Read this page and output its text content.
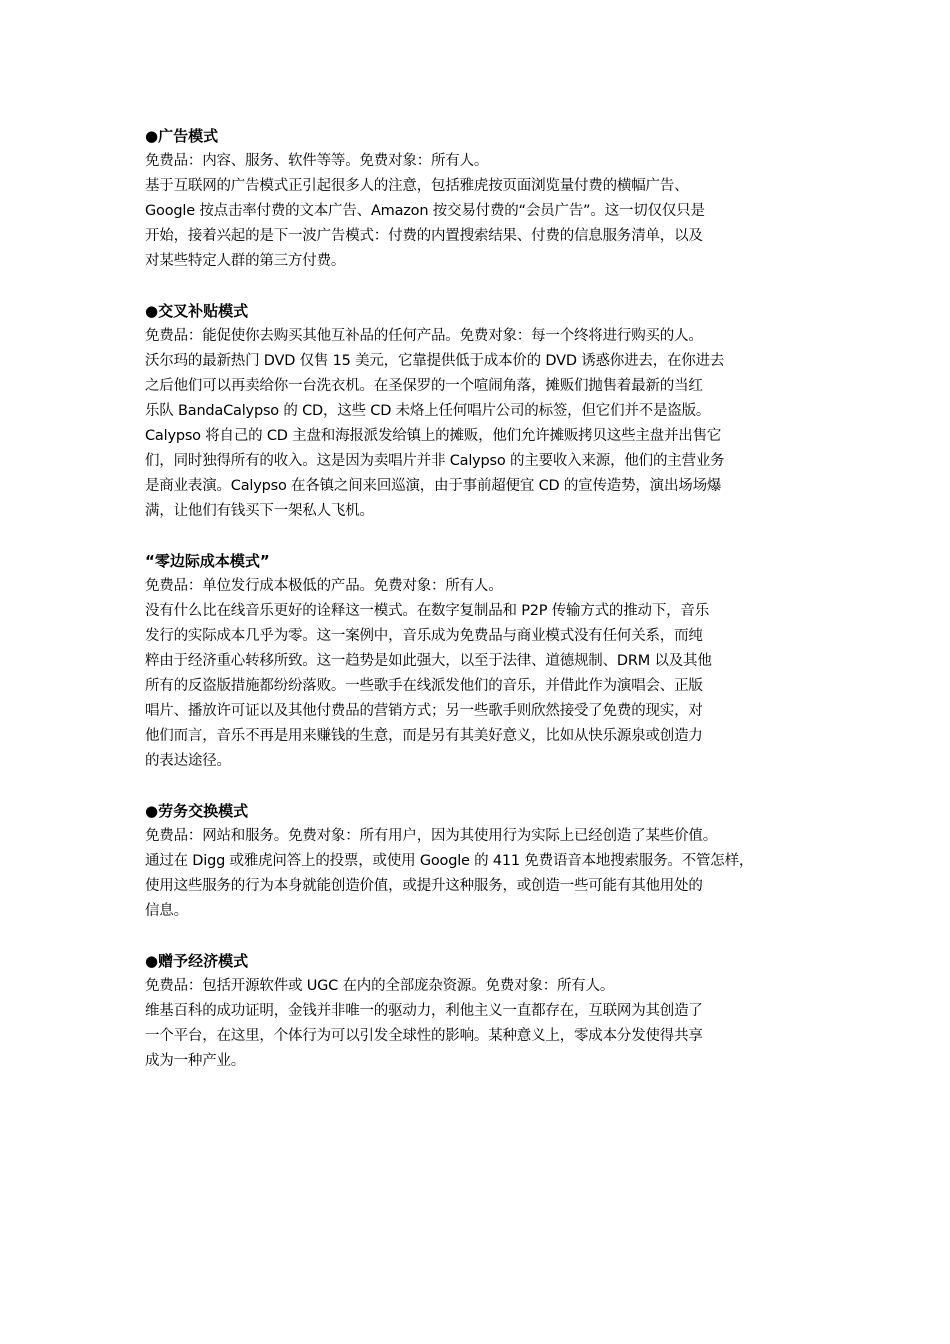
●广告模式
免费品：内容、服务、软件等等。免费对象：所有人。
基于互联网的广告模式正引起很多人的注意，包括雅虎按页面浏览量付费的横幅广告、
Google 按点击率付费的文本广告、Amazon 按交易付费的“会员广告”。这一切仅仅只是
开始，接着兴起的是下一波广告模式：付费的内置搜索结果、付费的信息服务清单，以及
对某些特定人群的第三方付费。
●交叉补贴模式
免费品：能促使你去购买其他互补品的任何产品。免费对象：每一个终将进行购买的人。
沃尔玛的最新热门 DVD 仅售 15 美元，它靠提供低于成本价的 DVD 诱惑你进去，在你进去
之后他们可以再卖给你一台洗衣机。在圣保罗的一个喧闹角落，摊贩们抛售着最新的当红
乐队 BandaCalypso 的 CD，这些 CD 未烙上任何唱片公司的标签，但它们并不是盗版。
Calypso 将自己的 CD 主盘和海报派发给镇上的摊贩，他们允许摊贩拷贝这些主盘并出售它
们，同时独得所有的收入。这是因为卖唱片并非 Calypso 的主要收入来源，他们的主营业务
是商业表演。Calypso 在各镇之间来回巡演，由于事前超便宜 CD 的宣传造势，演出场场爆
满，让他们有钱买下一架私人飞机。
“零边际成本模式”
免费品：单位发行成本极低的产品。免费对象：所有人。
没有什么比在线音乐更好的诠释这一模式。在数字复制品和 P2P 传输方式的推动下，音乐
发行的实际成本几乎为零。这一案例中，音乐成为免费品与商业模式没有任何关系，而纯
粹由于经济重心转移所致。这一趋势是如此强大，以至于法律、道德规制、DRM 以及其他
所有的反盗版措施都纷纷落败。一些歌手在线派发他们的音乐，并借此作为演唱会、正版
唱片、播放许可证以及其他付费品的营销方式；另一些歌手则欣然接受了免费的现实，对
他们而言，音乐不再是用来赚钱的生意，而是另有其美好意义，比如从快乐源泉或创造力
的表达途径。
●劳务交换模式
免费品：网站和服务。免费对象：所有用户，因为其使用行为实际上已经创造了某些价值。
通过在 Digg 或雅虎问答上的投票，或使用 Google 的 411 免费语音本地搜索服务。不管怎样，
使用这些服务的行为本身就能创造价值，或提升这种服务，或创造一些可能有其他用处的
信息。
●赠予经济模式
免费品：包括开源软件或 UGC 在内的全部庞杂资源。免费对象：所有人。
维基百科的成功证明，金钱并非唯一的驱动力，利他主义一直都存在，互联网为其创造了
一个平台，在这里，个体行为可以引发全球性的影响。某种意义上，零成本分发使得共享
成为一种产业。
